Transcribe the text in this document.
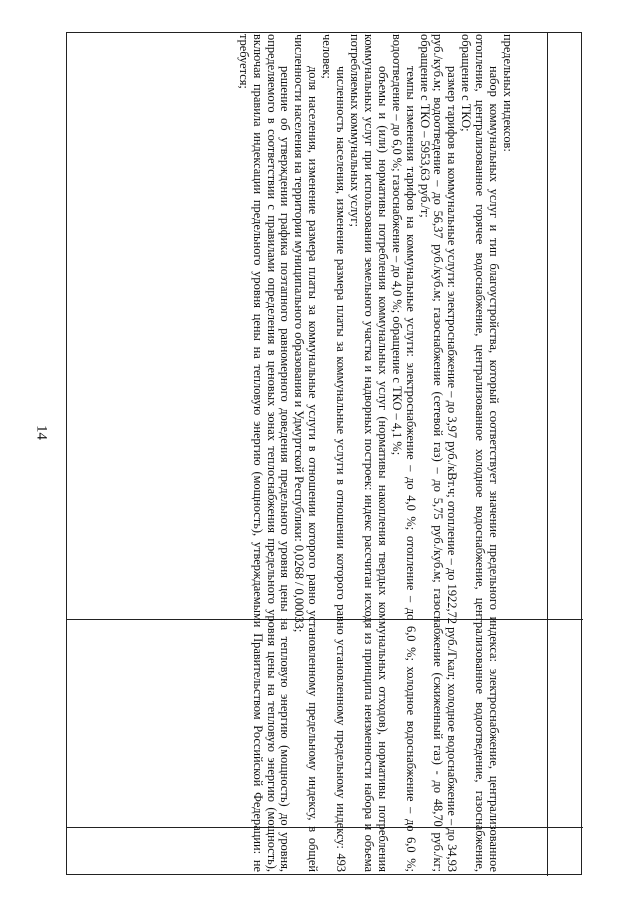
14

предельных индексов:

набор коммунальных услуг и тип благоустройства, который соответствует значение предельного индекса: электроснабжение, централизованное отопление, централизованное горячее водоснабжение, централизованное холодное водоснабжение, централизованное водоотведение, газоснабжение, обращение с ТКО;

размер тарифов на коммунальные услуги: электроснабжение – до 3,97 руб./кВт.ч; отопление – до 1922,72 руб./Гкал; холодное водоснабжение – до 34,93 руб./куб.м; водоотведение – до 56,37 руб./куб.м; газоснабжение (сетевой газ) – до 5,75 руб./куб.м; газоснабжение (сжиженный газ) - до 48,70 руб./кг; обращение с ТКО – 5953,63 руб./т;

темпы изменения тарифов на коммунальные услуги: электроснабжение – до 4,0 %; отопление – до 6,0 %; холодное водоснабжение – до 6,0 %; водоотведение – до 6,0 %; газоснабжение – до 4,0 %; обращение с ТКО – 4,1 %;

объемы и (или) нормативы потребления коммунальных услуг (нормативы накопления твердых коммунальных отходов), нормативы потребления коммунальных услуг при использовании земельного участка и надворных построек: индекс рассчитан исходя из принципа неизменности набора и объема потребляемых коммунальных услуг;

численность населения, изменение размера платы за коммунальные услуги в отношении которого равно установленному предельному индексу: 493 человек;

доля населения, изменение размера платы за коммунальные услуги в отношении которого равно установленному предельному индексу, в общей численности населения на территории муниципального образования и Удмуртской Республики: 0,0268 / 0,00033;

решение об утверждении графика поэтапного равномерного доведения предельного уровня цены на тепловую энергию (мощность) до уровня, определяемого в соответствии с правилами определения в ценовых зонах теплоснабжения предельного уровня цены на тепловую энергию (мощность), включая правила индексации предельного уровня цены на тепловую энергию (мощность), утверждаемыми Правительством Российской Федерации: не требуется;
